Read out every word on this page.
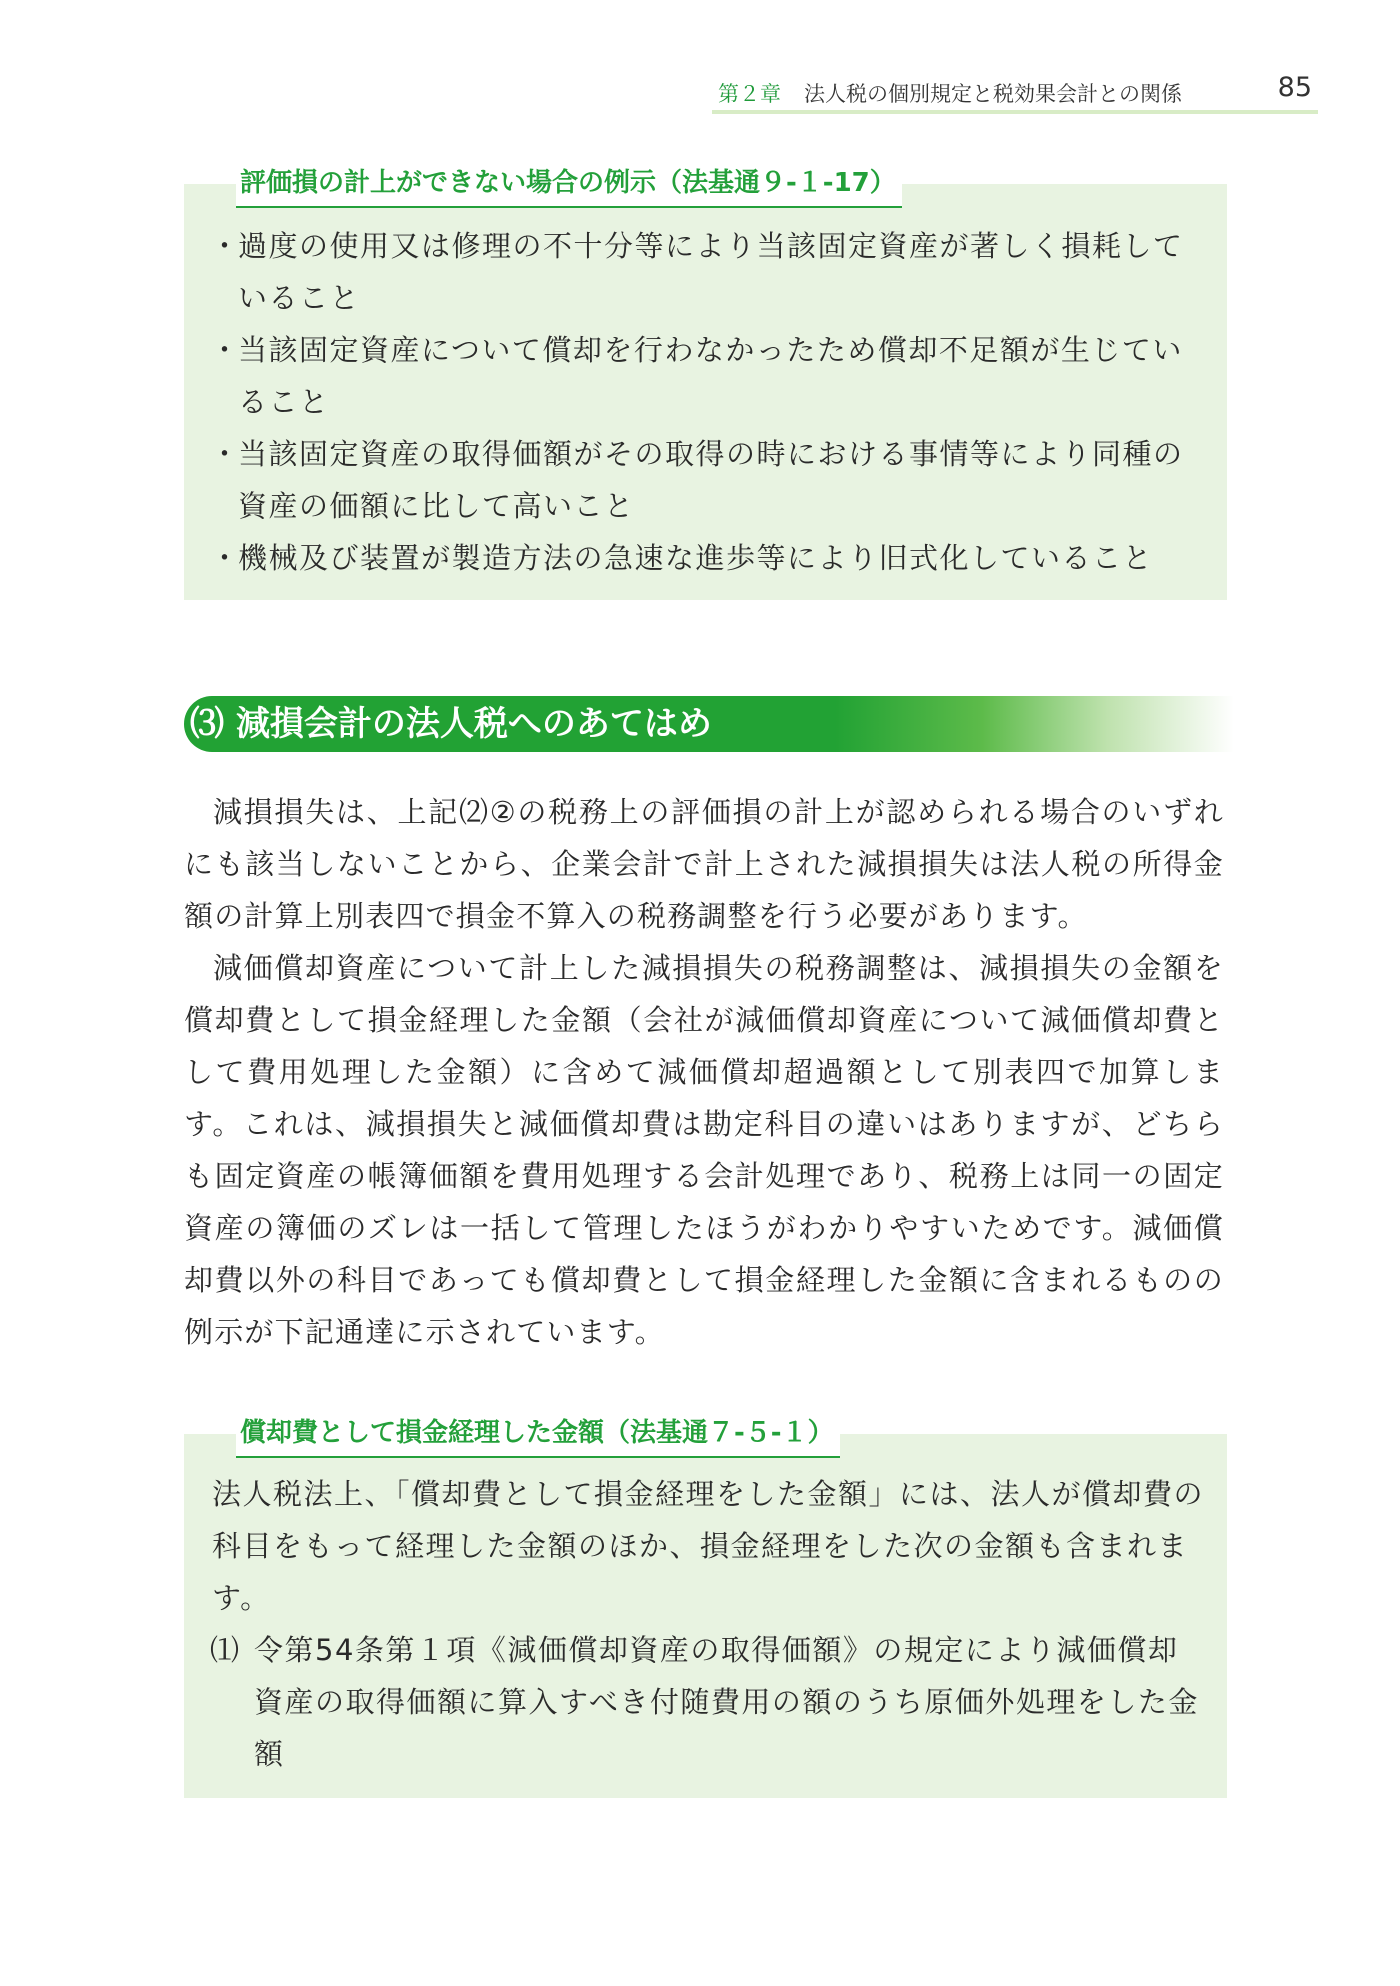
第２章 法人税の個別規定と税効果会計との関係	85
評価損の計上ができない場合の例示（法基通９-１-17）
・
過度の使用又は修理の不十分等により当該固定資産が著しく損耗していること
・
当該固定資産について償却を行わなかったため償却不足額が生じていること
・
当該固定資産の取得価額がその取得の時における事情等により同種の資産の価額に比して高いこと
・
機械及び装置が製造方法の急速な進歩等により旧式化していること
⑶ 減損会計の法人税へのあてはめ

減損損失は、上記⑵②の税務上の評価損の計上が認められる場合のいずれにも該当しないことから、企業会計で計上された減損損失は法人税の所得金額の計算上別表四で損金不算入の税務調整を行う必要があります。

減価償却資産について計上した減損損失の税務調整は、減損損失の金額を償却費として損金経理した金額（会社が減価償却資産について減価償却費として費用処理した金額）に含めて減価償却超過額として別表四で加算します。これは、減損損失と減価償却費は勘定科目の違いはありますが、どちらも固定資産の帳簿価額を費用処理する会計処理であり、税務上は同一の固定資産の簿価のズレは一括して管理したほうがわかりやすいためです。減価償却費以外の科目であっても償却費として損金経理した金額に含まれるものの例示が下記通達に示されています。

償却費として損金経理した金額（法基通７-５-１）

法人税法上、「償却費として損金経理をした金額」には、法人が償却費の科目をもって経理した金額のほか、損金経理をした次の金額も含まれます。

⑴ 令第54条第１項《減価償却資産の取得価額》の規定により減価償却資産の取得価額に算入すべき付随費用の額のうち原価外処理をした金額
